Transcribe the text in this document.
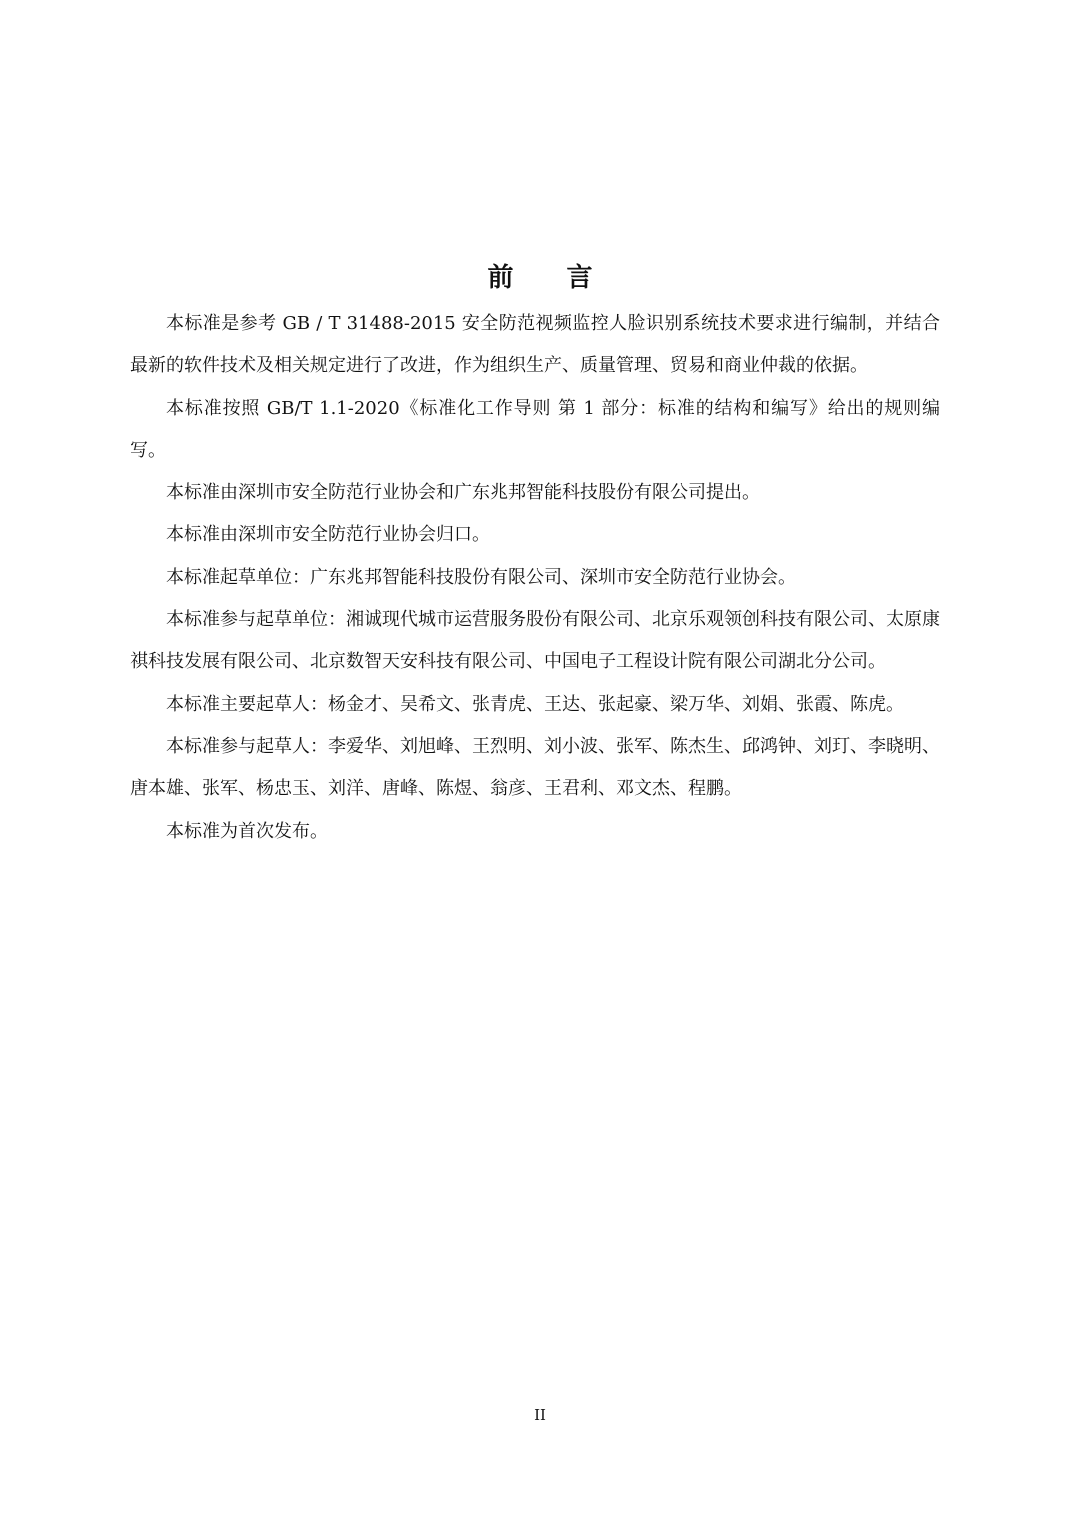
前 言

本标准是参考 GB / T 31488-2015 安全防范视频监控人脸识别系统技术要求进行编制，并结合最新的软件技术及相关规定进行了改进，作为组织生产、质量管理、贸易和商业仲裁的依据。

本标准按照 GB/T 1.1-2020《标准化工作导则 第 1 部分：标准的结构和编写》给出的规则编写。

本标准由深圳市安全防范行业协会和广东兆邦智能科技股份有限公司提出。

本标准由深圳市安全防范行业协会归口。

本标准起草单位：广东兆邦智能科技股份有限公司、深圳市安全防范行业协会。

本标准参与起草单位：湘诚现代城市运营服务股份有限公司、北京乐观领创科技有限公司、太原康祺科技发展有限公司、北京数智天安科技有限公司、中国电子工程设计院有限公司湖北分公司。

本标准主要起草人：杨金才、吴希文、张青虎、王达、张起豪、梁万华、刘娟、张霞、陈虎。

本标准参与起草人：李爱华、刘旭峰、王烈明、刘小波、张军、陈杰生、邱鸿钟、刘玎、李晓明、唐本雄、张军、杨忠玉、刘洋、唐峰、陈煜、翁彦、王君利、邓文杰、程鹏。

本标准为首次发布。

II
